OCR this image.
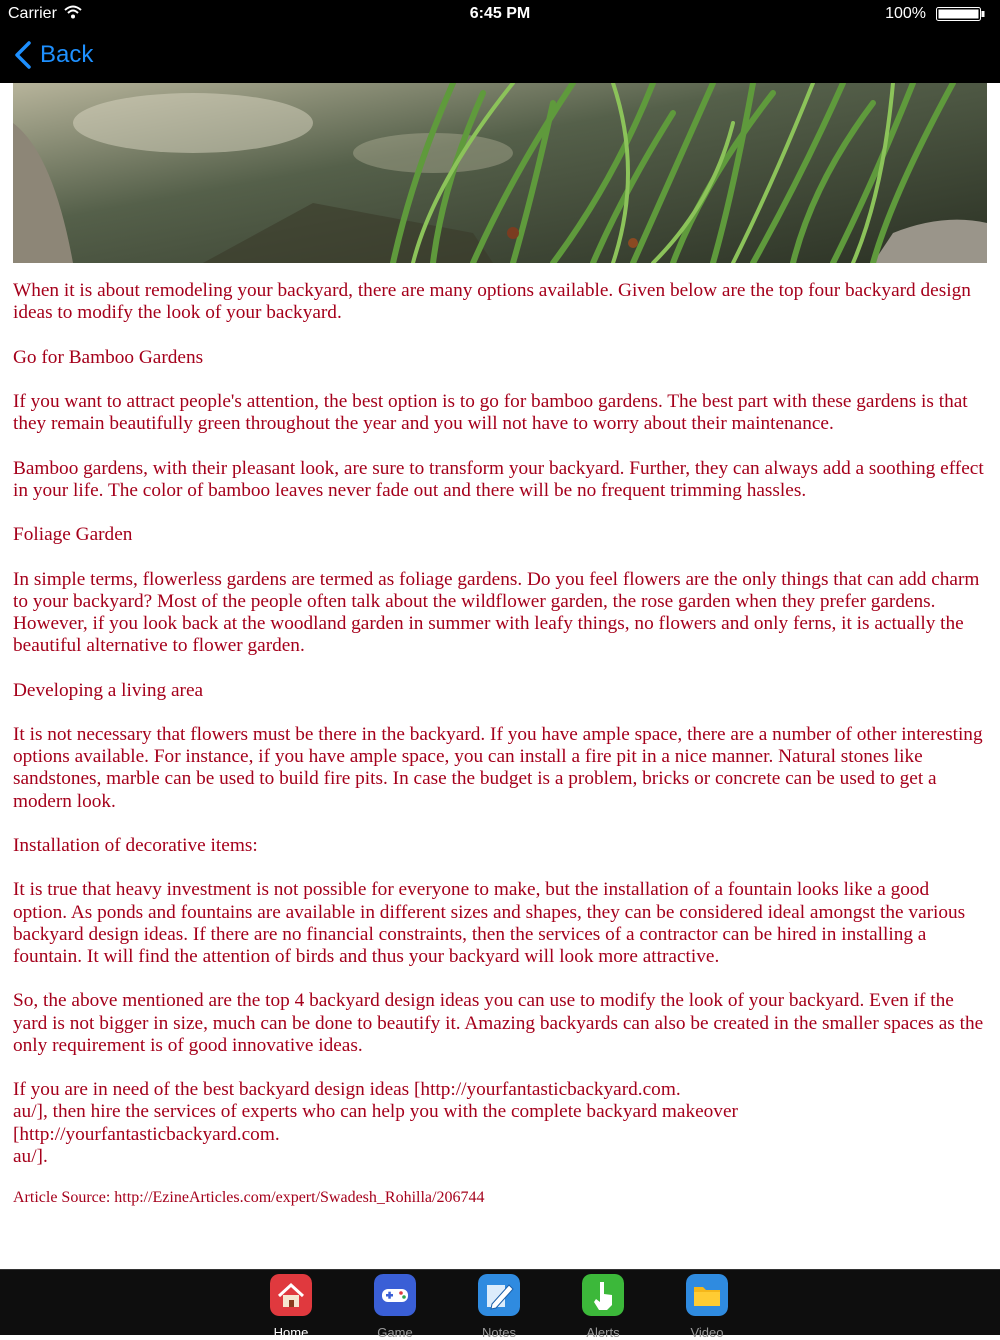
Carrier	6:45 PM	100%
Back

When it is about remodeling your backyard, there are many options available. Given below are the top four backyard design ideas to modify the look of your backyard.

Go for Bamboo Gardens

If you want to attract people's attention, the best option is to go for bamboo gardens. The best part with these gardens is that they remain beautifully green throughout the year and you will not have to worry about their maintenance.

Bamboo gardens, with their pleasant look, are sure to transform your backyard. Further, they can always add a soothing effect in your life. The color of bamboo leaves never fade out and there will be no frequent trimming hassles.

Foliage Garden

In simple terms, flowerless gardens are termed as foliage gardens. Do you feel flowers are the only things that can add charm to your backyard? Most of the people often talk about the wildflower garden, the rose garden when they prefer gardens. However, if you look back at the woodland garden in summer with leafy things, no flowers and only ferns, it is actually the beautiful alternative to flower garden.

Developing a living area

It is not necessary that flowers must be there in the backyard. If you have ample space, there are a number of other interesting options available. For instance, if you have ample space, you can install a fire pit in a nice manner. Natural stones like sandstones, marble can be used to build fire pits. In case the budget is a problem, bricks or concrete can be used to get a modern look.

Installation of decorative items:

It is true that heavy investment is not possible for everyone to make, but the installation of a fountain looks like a good option. As ponds and fountains are available in different sizes and shapes, they can be considered ideal amongst the various backyard design ideas. If there are no financial constraints, then the services of a contractor can be hired in installing a fountain. It will find the attention of birds and thus your backyard will look more attractive.

So, the above mentioned are the top 4 backyard design ideas you can use to modify the look of your backyard. Even if the yard is not bigger in size, much can be done to beautify it. Amazing backyards can also be created in the smaller spaces as the only requirement is of good innovative ideas.

If you are in need of the best backyard design ideas [http://yourfantasticbackyard.com.
au/], then hire the services of experts who can help you with the complete backyard makeover
[http://yourfantasticbackyard.com.
au/].

Article Source: http://EzineArticles.com/expert/Swadesh_Rohilla/206744
Home	Game	Notes	Alerts	Video
